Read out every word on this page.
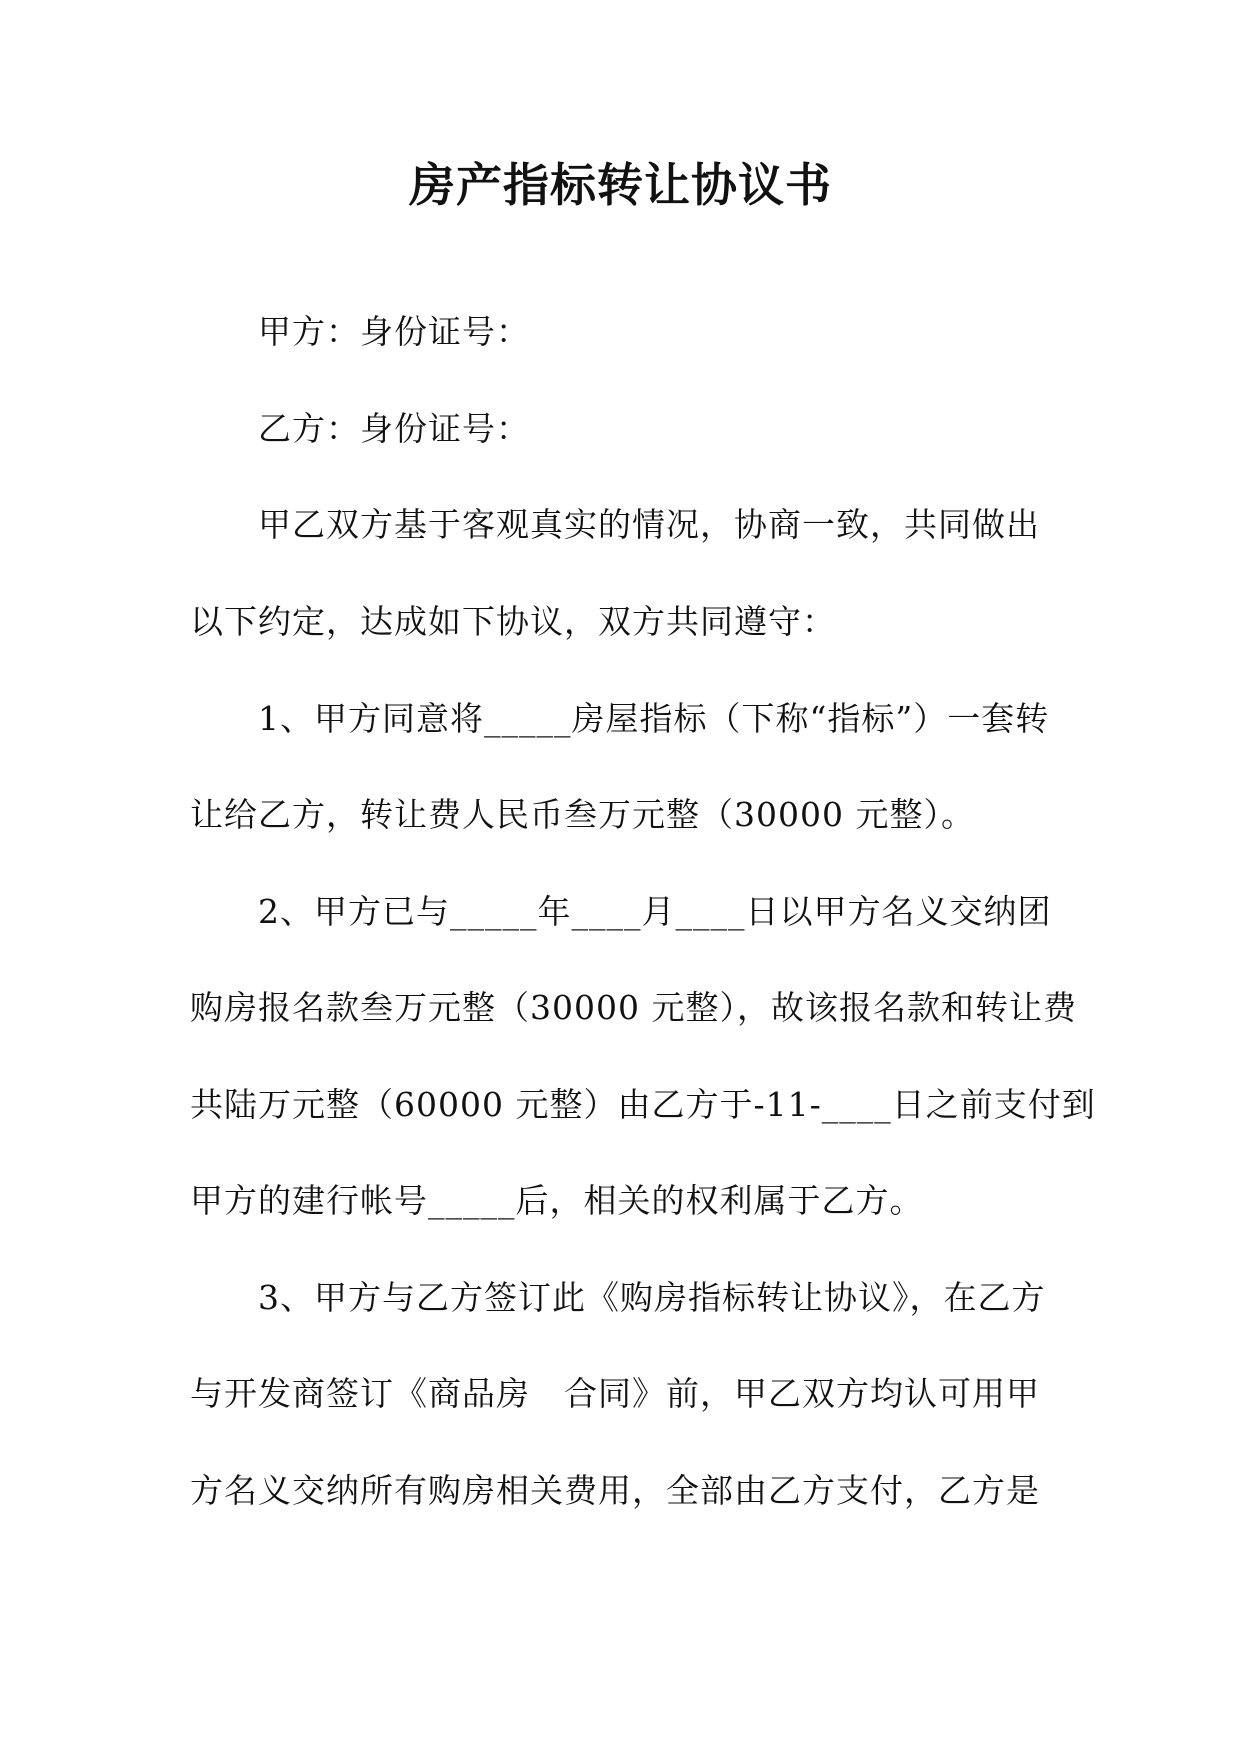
房产指标转让协议书
甲方：身份证号：
乙方：身份证号：
甲乙双方基于客观真实的情况，协商一致，共同做出
以下约定，达成如下协议，双方共同遵守：
1、甲方同意将_____房屋指标（下称“指标”）一套转
让给乙方，转让费人民币叁万元整（30000 元整）。
2、甲方已与_____年____月____日以甲方名义交纳团
购房报名款叁万元整（30000 元整），故该报名款和转让费
共陆万元整（60000 元整）由乙方于-11-____日之前支付到
甲方的建行帐号_____后，相关的权利属于乙方。
3、甲方与乙方签订此《购房指标转让协议》，在乙方
与开发商签订《商品房　合同》前，甲乙双方均认可用甲
方名义交纳所有购房相关费用，全部由乙方支付，乙方是
